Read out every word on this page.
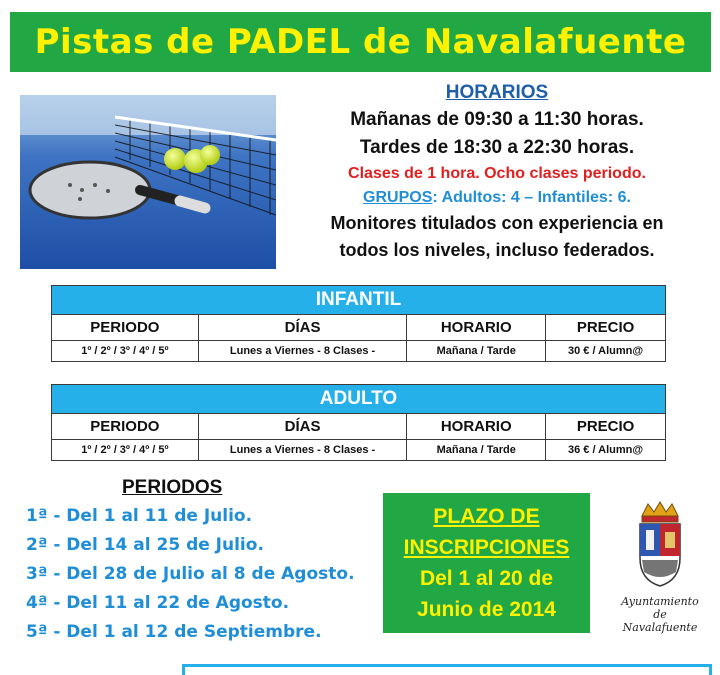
Pistas de PADEL de Navalafuente
HORARIOS
Mañanas de 09:30 a 11:30 horas.
Tardes de 18:30 a 22:30 horas.
Clases de 1 hora. Ocho clases periodo.
GRUPOS: Adultos: 4 – Infantiles: 6.
Monitores titulados con experiencia en
todos los niveles, incluso federados.
INFANTIL			
PERIODO	DÍAS	HORARIO	PRECIO
1º / 2º / 3º / 4º / 5º	Lunes a Viernes - 8 Clases -	Mañana / Tarde	30 € / Alumn@
ADULTO			
PERIODO	DÍAS	HORARIO	PRECIO
1º / 2º / 3º / 4º / 5º	Lunes a Viernes - 8 Clases -	Mañana / Tarde	36 € / Alumn@
PERIODOS
1ª - Del 1 al 11 de Julio.
2ª - Del 14 al 25 de Julio.
3ª - Del 28 de Julio al 8 de Agosto.
4ª - Del 11 al 22 de Agosto.
5ª - Del 1 al 12 de Septiembre.
PLAZO DE
INSCRIPCIONES
Del 1 al 20 de
Junio de 2014	Ayuntamiento
de
Navalafuente
